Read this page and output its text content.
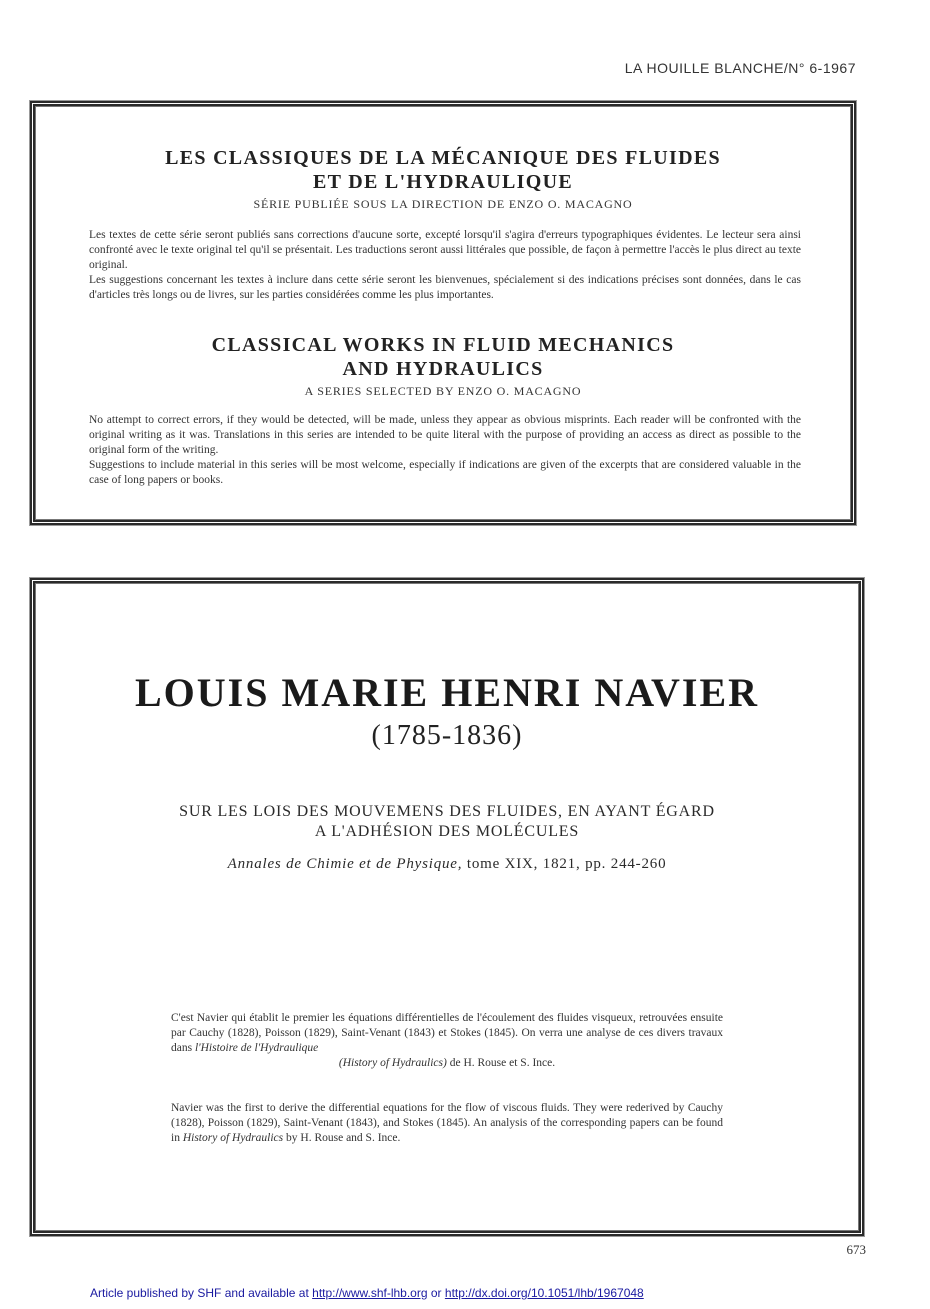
LA HOUILLE BLANCHE/N° 6-1967
LES CLASSIQUES DE LA MÉCANIQUE DES FLUIDES
ET DE L'HYDRAULIQUE
SÉRIE PUBLIÉE SOUS LA DIRECTION DE ENZO O. MACAGNO

Les textes de cette série seront publiés sans corrections d'aucune sorte, excepté lorsqu'il s'agira d'erreurs typographiques évidentes. Le lecteur sera ainsi confronté avec le texte original tel qu'il se présentait. Les traductions seront aussi littérales que possible, de façon à permettre l'accès le plus direct au texte original.

Les suggestions concernant les textes à inclure dans cette série seront les bienvenues, spécialement si des indications précises sont données, dans le cas d'articles très longs ou de livres, sur les parties considérées comme les plus importantes.

CLASSICAL WORKS IN FLUID MECHANICS
AND HYDRAULICS
A SERIES SELECTED BY ENZO O. MACAGNO

No attempt to correct errors, if they would be detected, will be made, unless they appear as obvious misprints. Each reader will be confronted with the original writing as it was. Translations in this series are intended to be quite literal with the purpose of providing an access as direct as possible to the original form of the writing.

Suggestions to include material in this series will be most welcome, especially if indications are given of the excerpts that are considered valuable in the case of long papers or books.

LOUIS MARIE HENRI NAVIER
(1785-1836)
SUR LES LOIS DES MOUVEMENS DES FLUIDES, EN AYANT ÉGARD
A L'ADHÉSION DES MOLÉCULES
Annales de Chimie et de Physique, tome XIX, 1821, pp. 244-260

C'est Navier qui établit le premier les équations différentielles de l'écoulement des fluides visqueux, retrouvées ensuite par Cauchy (1828), Poisson (1829), Saint-Venant (1843) et Stokes (1845). On verra une analyse de ces divers travaux dans l'Histoire de l'Hydraulique

(History of Hydraulics) de H. Rouse et S. Ince.

Navier was the first to derive the differential equations for the flow of viscous fluids. They were rederived by Cauchy (1828), Poisson (1829), Saint-Venant (1843), and Stokes (1845). An analysis of the corresponding papers can be found in History of Hydraulics by H. Rouse and S. Ince.

673
Article published by SHF and available at http://www.shf-lhb.org or http://dx.doi.org/10.1051/lhb/1967048
